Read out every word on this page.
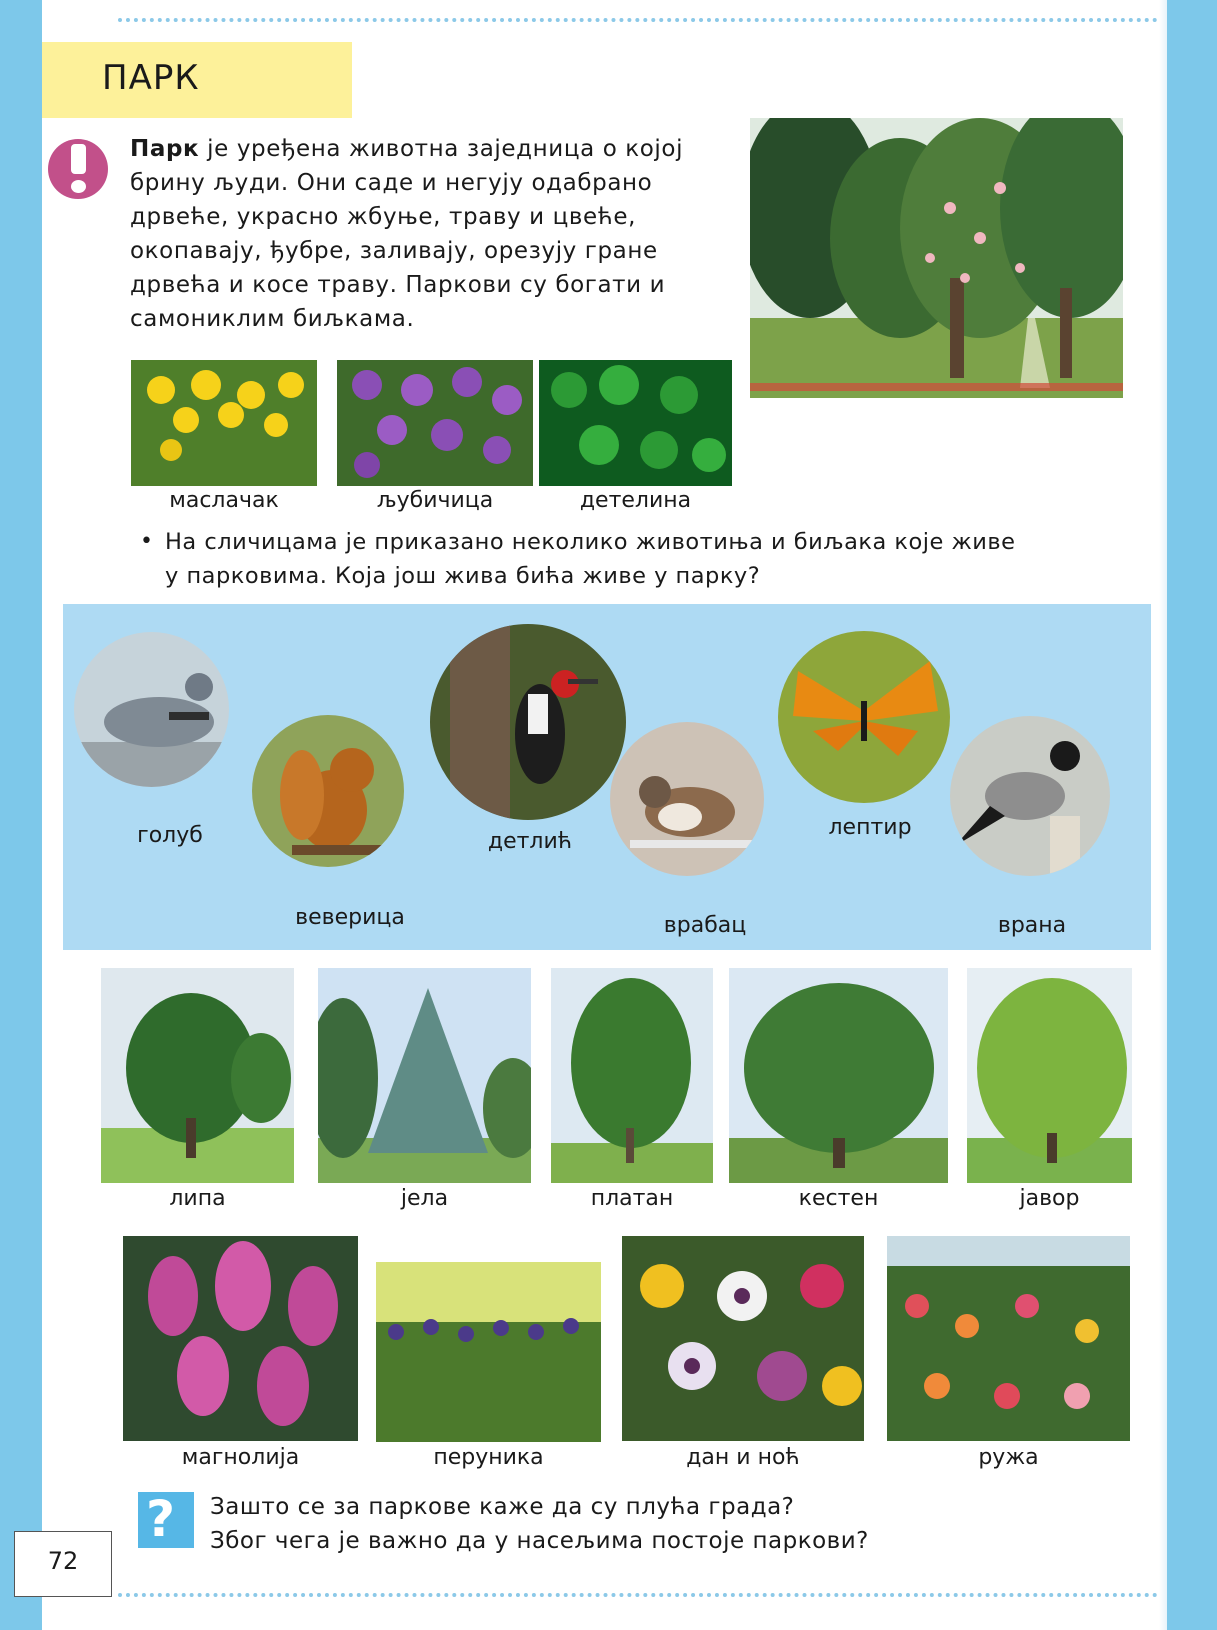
ПАРК
Парк је уређена животна заједница о којој
брину људи. Они саде и негују одабрано
дрвеће, украсно жбуње, траву и цвеће,
окопавају, ђубре, заливају, орезују гране
дрвећа и косе траву. Паркови су богати и
самониклим биљкама.
маслачак	љубичица	детелина
• На сличицама је приказано неколико животиња и биљака које живе
у парковима. Која још жива бића живе у парку?
голуб
веверица
детлић
врабац
лептир
врана
липа	јела	платан	кестен	јавор
магнолија	перуника	дан и ноћ	ружа
? Зашто се за паркове каже да су плућа града?
Због чега је важно да у насељима постоје паркови?
72
